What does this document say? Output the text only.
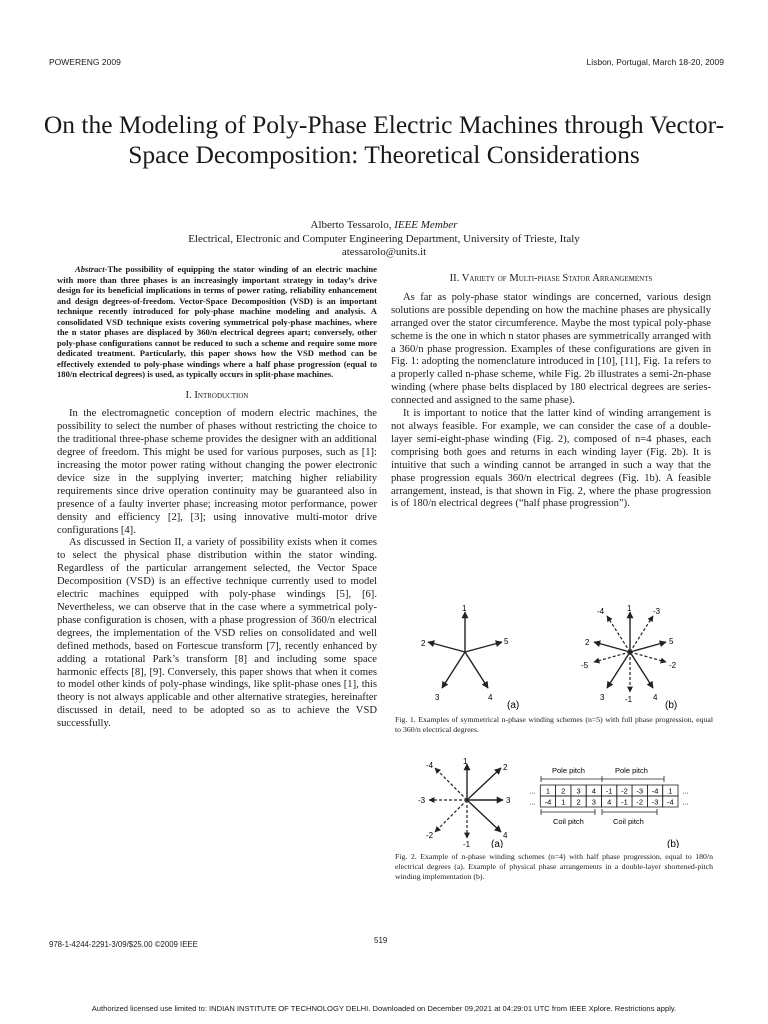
POWERENG 2009	Lisbon, Portugal, March 18-20, 2009
On the Modeling of Poly-Phase Electric Machines through Vector-Space Decomposition: Theoretical Considerations
Alberto Tessarolo, IEEE Member
Electrical, Electronic and Computer Engineering Department, University of Trieste, Italy
atessarolo@units.it

Abstract-The possibility of equipping the stator winding of an electric machine with more than three phases is an increasingly important strategy in today’s drive design for its beneficial implications in terms of power rating, reliability enhancement and design degrees-of-freedom. Vector-Space Decomposition (VSD) is an important technique recently introduced for poly-phase machine modeling and analysis. A consolidated VSD technique exists covering symmetrical poly-phase machines, where the n stator phases are displaced by 360/n electrical degrees apart; conversely, other poly-phase configurations cannot be reduced to such a scheme and require some more dedicated treatment. Particularly, this paper shows how the VSD method can be effectively extended to poly-phase windings where a half phase progression (equal to 180/n electrical degrees) is used, as typically occurs in split-phase machines.

I. Introduction

In the electromagnetic conception of modern electric machines, the possibility to select the number of phases without restricting the choice to the traditional three-phase scheme provides the designer with an additional degree of freedom. This might be used for various purposes, such as [1]: increasing the motor power rating without changing the power electronic device size in the supplying inverter; matching higher reliability requirements since drive operation continuity may be guaranteed also in presence of a faulty inverter phase; increasing motor performance, power density and efficiency [2], [3]; using innovative multi-motor drive configurations [4].

As discussed in Section II, a variety of possibility exists when it comes to select the physical phase distribution within the stator winding. Regardless of the particular arrangement selected, the Vector Space Decomposition (VSD) is an effective technique currently used to model electric machines equipped with poly-phase windings [5], [6]. Nevertheless, we can observe that in the case where a symmetrical poly-phase configuration is chosen, with a phase progression of 360/n electrical degrees, the implementation of the VSD relies on consolidated and well defined methods, based on Fortescue transform [7], recently enhanced by adding a rotational Park’s transform [8] and including some space harmonic effects [8], [9]. Conversely, this paper shows that when it comes to model other kinds of poly-phase windings, like split-phase ones [1], this theory is not always applicable and other alternative strategies, hereinafter discussed in detail, need to be adopted so as to achieve the VSD successfully.

II. Variety of Multi-phase Stator Arrangements

As far as poly-phase stator windings are concerned, various design solutions are possible depending on how the machine phases are physically arranged over the stator circumference. Maybe the most typical poly-phase scheme is the one in which n stator phases are symmetrically arranged with a 360/n phase progression. Examples of these configurations are given in Fig. 1: adopting the nomenclature introduced in [10], [11], Fig. 1a refers to a properly called n-phase scheme, while Fig. 2b illustrates a semi-2n-phase winding (where phase belts displaced by 180 electrical degrees are series-connected and assigned to the same phase).

It is important to notice that the latter kind of winding arrangement is not always feasible. For example, we can consider the case of a double-layer semi-eight-phase winding (Fig. 2), composed of n=4 phases, each comprising both goes and returns in each winding layer (Fig. 2b). It is intuitive that such a winding cannot be arranged in such a way that the phase progression equals 360/n electrical degrees (Fig. 1b). A feasible arrangement, instead, is that shown in Fig. 2, where the phase progression is of 180/n electrical degrees (“half phase progression”).

1
2
3	4
5
(a)
1
2
3	4
5
-1
-2
-3
-4
-5
(b)
Fig. 1. Examples of symmetrical n-phase winding schemes (n=5) with full phase progression, equal to 360/n electrical degrees.
1
2
3
4
-1
-2
-3
-4
(a)
Pole pitch	Pole pitch
... 1 2 3 4 -1 -2 -3 -4 1 ...
... -4 1 2 3 4 -1 -2 -3 -4 ...
Coil pitch	Coil pitch
(b)
Fig. 2. Example of n-phase winding schemes (n=4) with half phase progression, equal to 180/n electrical degrees (a). Example of physical phase arrangements in a double-layer shortened-pitch winding implementation (b).
978-1-4244-2291-3/09/$25.00 ©2009 IEEE	519
Authorized licensed use limited to: INDIAN INSTITUTE OF TECHNOLOGY DELHI. Downloaded on December 09,2021 at 04:29:01 UTC from IEEE Xplore. Restrictions apply.
